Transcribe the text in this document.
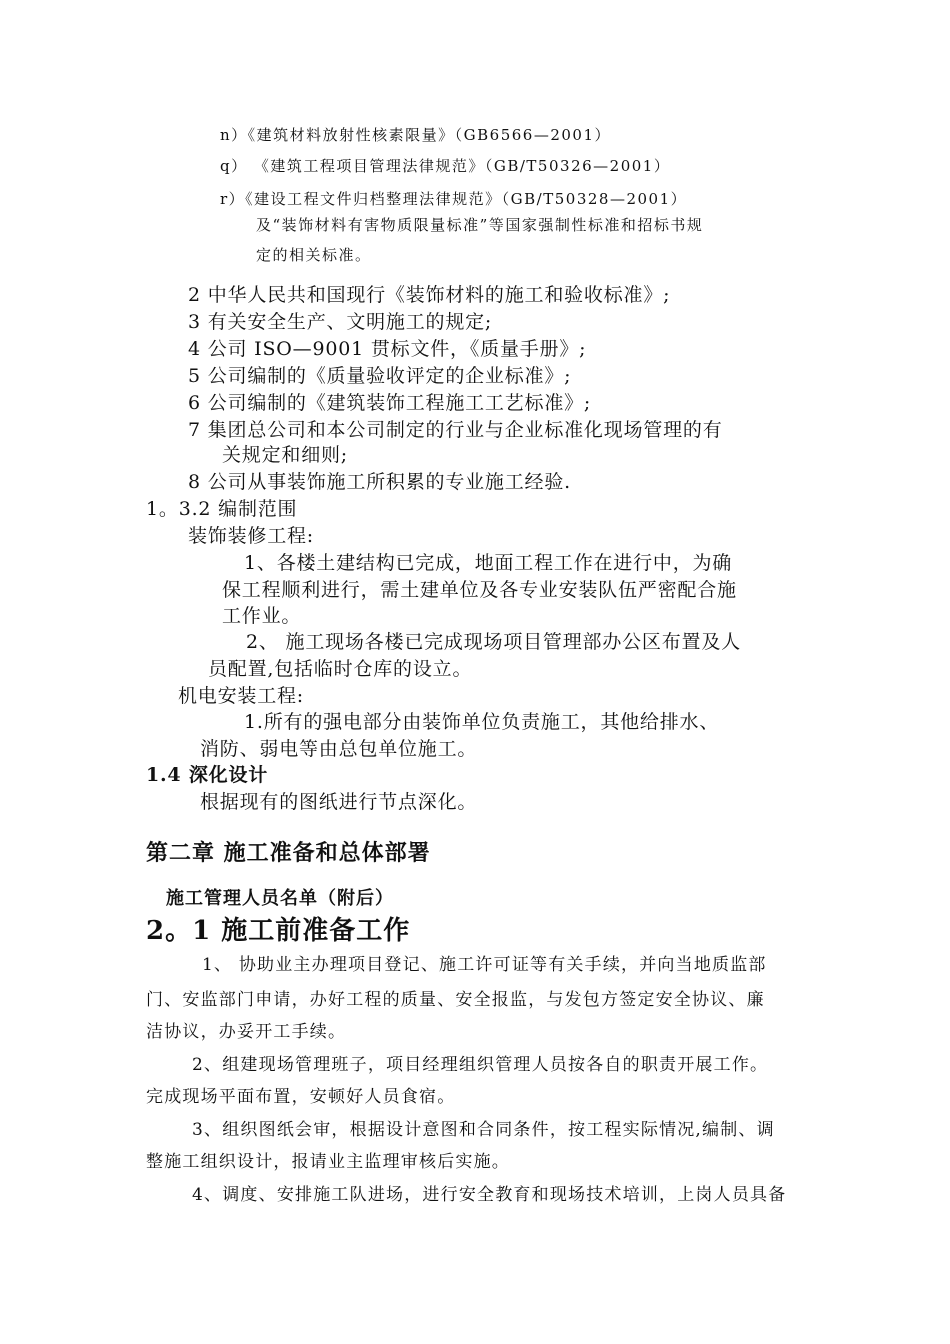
n）《建筑材料放射性核素限量》（GB6566—2001）
q） 《建筑工程项目管理法律规范》（GB/T50326—2001）
r）《建设工程文件归档整理法律规范》（GB/T50328—2001）
及“装饰材料有害物质限量标准”等国家强制性标准和招标书规
定的相关标准。
2 中华人民共和国现行《装饰材料的施工和验收标准》;
3 有关安全生产、文明施工的规定;
4 公司 ISO—9001 贯标文件，《质量手册》;
5 公司编制的《质量验收评定的企业标准》;
6 公司编制的《建筑装饰工程施工工艺标准》;
7 集团总公司和本公司制定的行业与企业标准化现场管理的有
关规定和细则;
8 公司从事装饰施工所积累的专业施工经验.
1。3.2 编制范围
装饰装修工程:
1、各楼土建结构已完成，地面工程工作在进行中，为确
保工程顺利进行，需土建单位及各专业安装队伍严密配合施
工作业。
2、 施工现场各楼已完成现场项目管理部办公区布置及人
员配置,包括临时仓库的设立。
机电安装工程:
1.所有的强电部分由装饰单位负责施工，其他给排水、
消防、弱电等由总包单位施工。
1.4 深化设计
根据现有的图纸进行节点深化。
第二章 施工准备和总体部署
施工管理人员名单（附后）
2。1 施工前准备工作
1、 协助业主办理项目登记、施工许可证等有关手续，并向当地质监部
门、安监部门申请，办好工程的质量、安全报监，与发包方签定安全协议、廉
洁协议，办妥开工手续。
2、组建现场管理班子，项目经理组织管理人员按各自的职责开展工作。
完成现场平面布置，安顿好人员食宿。
3、组织图纸会审，根据设计意图和合同条件，按工程实际情况,编制、调
整施工组织设计，报请业主监理审核后实施。
4、调度、安排施工队进场，进行安全教育和现场技术培训，上岗人员具备
